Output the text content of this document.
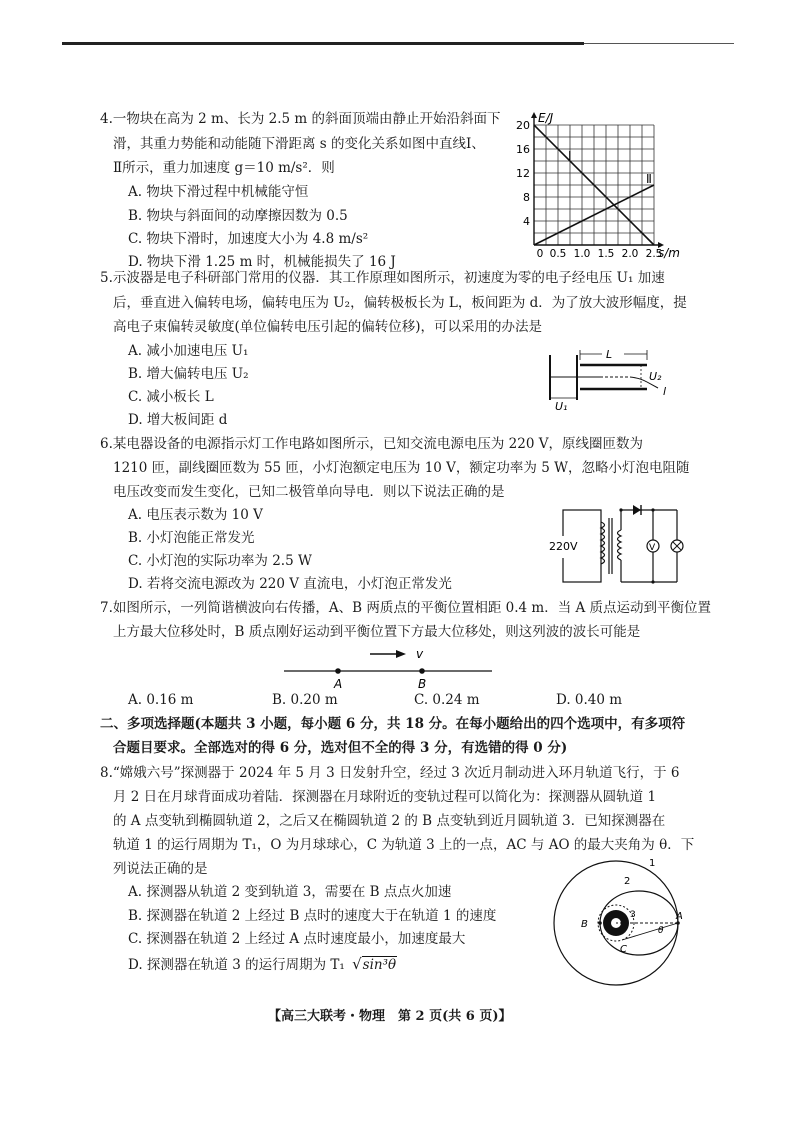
4.一物块在高为 2 m、长为 2.5 m 的斜面顶端由静止开始沿斜面下
滑，其重力势能和动能随下滑距离 s 的变化关系如图中直线Ⅰ、
Ⅱ所示，重力加速度 g＝10 m/s²．则
A. 物块下滑过程中机械能守恒
B. 物块与斜面间的动摩擦因数为 0.5
C. 物块下滑时，加速度大小为 4.8 m/s²
D. 物块下滑 1.25 m 时，机械能损失了 16 J
4
8
12
16
20
0 0.5 1.0 1.5 2.0 2.5
E/J
s/m
Ⅰ
Ⅱ
5.示波器是电子科研部门常用的仪器．其工作原理如图所示，初速度为零的电子经电压 U₁ 加速
后，垂直进入偏转电场，偏转电压为 U₂，偏转极板长为 L，板间距为 d．为了放大波形幅度，提
高电子束偏转灵敏度(单位偏转电压引起的偏转位移)，可以采用的办法是
A. 减小加速电压 U₁
B. 增大偏转电压 U₂
C. 减小板长 L
D. 增大板间距 d
L
U₂
U₁
l
6.某电器设备的电源指示灯工作电路如图所示，已知交流电源电压为 220 V，原线圈匝数为
1210 匝，副线圈匝数为 55 匝，小灯泡额定电压为 10 V，额定功率为 5 W，忽略小灯泡电阻随
电压改变而发生变化，已知二极管单向导电．则以下说法正确的是
A. 电压表示数为 10 V
B. 小灯泡能正常发光
C. 小灯泡的实际功率为 2.5 W
D. 若将交流电源改为 220 V 直流电，小灯泡正常发光
220V	V
7.如图所示，一列简谐横波向右传播，A、B 两质点的平衡位置相距 0.4 m．当 A 质点运动到平衡位置
上方最大位移处时，B 质点刚好运动到平衡位置下方最大位移处，则这列波的波长可能是
v
A	B
A. 0.16 m	B. 0.20 m	C. 0.24 m	D. 0.40 m
二、多项选择题(本题共 3 小题，每小题 6 分，共 18 分。在每小题给出的四个选项中，有多项符
合题目要求。全部选对的得 6 分，选对但不全的得 3 分，有选错的得 0 分)
8.“嫦娥六号”探测器于 2024 年 5 月 3 日发射升空，经过 3 次近月制动进入环月轨道飞行，于 6
月 2 日在月球背面成功着陆．探测器在月球附近的变轨过程可以简化为：探测器从圆轨道 1
的 A 点变轨到椭圆轨道 2，之后又在椭圆轨道 2 的 B 点变轨到近月圆轨道 3．已知探测器在
轨道 1 的运行周期为 T₁，O 为月球球心，C 为轨道 3 上的一点，AC 与 AO 的最大夹角为 θ．下
列说法正确的是
A. 探测器从轨道 2 变到轨道 3，需要在 B 点点火加速
B. 探测器在轨道 2 上经过 B 点时的速度大于在轨道 1 的速度
C. 探测器在轨道 2 上经过 A 点时速度最小，加速度最大
D. 探测器在轨道 3 的运行周期为 T₁ √sin³θ
1
2
3	A
B
C
θ
【高三大联考・物理　第 2 页(共 6 页)】
